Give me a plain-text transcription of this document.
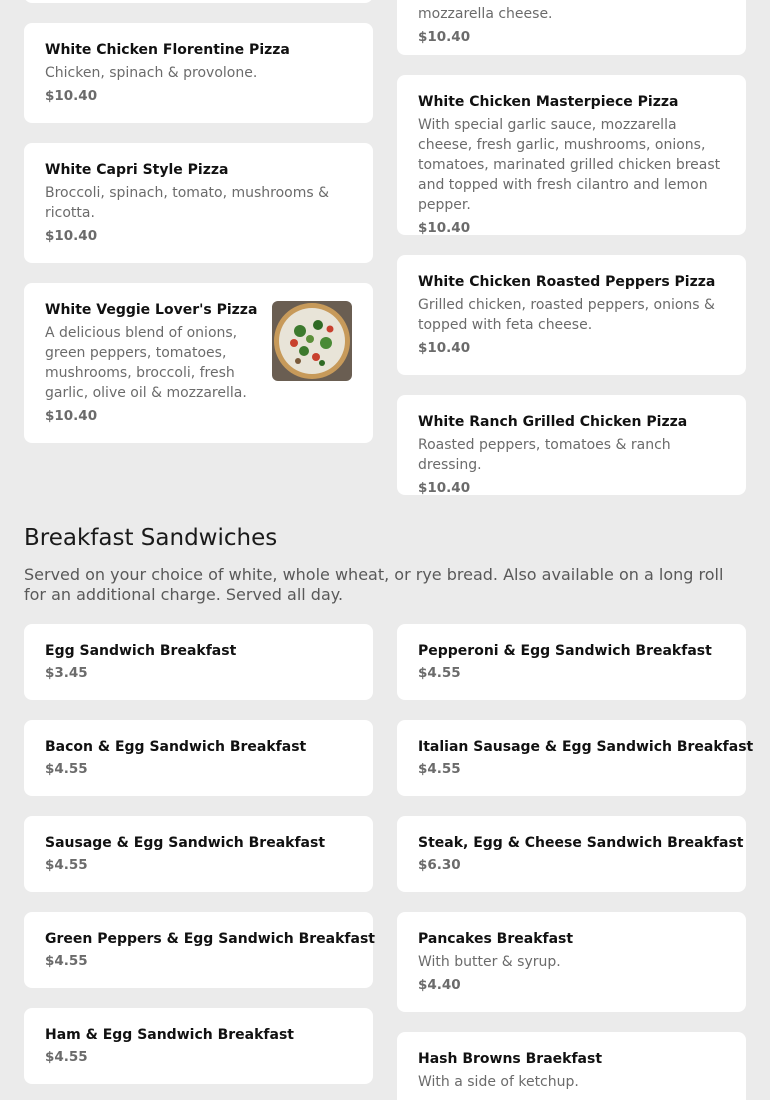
mozzarella cheese.
$10.40
White Chicken Florentine Pizza
Chicken, spinach & provolone.
$10.40
White Capri Style Pizza
Broccoli, spinach, tomato, mushrooms & ricotta.
$10.40
White Veggie Lover's Pizza
A delicious blend of onions, green peppers, tomatoes, mushrooms, broccoli, fresh garlic, olive oil & mozzarella.
$10.40
White Chicken Masterpiece Pizza
With special garlic sauce, mozzarella cheese, fresh garlic, mushrooms, onions, tomatoes, marinated grilled chicken breast and topped with fresh cilantro and lemon pepper.
$10.40
White Chicken Roasted Peppers Pizza
Grilled chicken, roasted peppers, onions & topped with feta cheese.
$10.40
White Ranch Grilled Chicken Pizza
Roasted peppers, tomatoes & ranch dressing.
$10.40
Breakfast Sandwiches

Served on your choice of white, whole wheat, or rye bread. Also available on a long roll for an additional charge. Served all day.

Egg Sandwich Breakfast
$3.45
Bacon & Egg Sandwich Breakfast
$4.55
Sausage & Egg Sandwich Breakfast
$4.55
Green Peppers & Egg Sandwich Breakfast
$4.55
Ham & Egg Sandwich Breakfast
$4.55
Pepperoni & Egg Sandwich Breakfast
$4.55
Italian Sausage & Egg Sandwich Breakfast
$4.55
Steak, Egg & Cheese Sandwich Breakfast
$6.30
Pancakes Breakfast
With butter & syrup.
$4.40
Hash Browns Braekfast
With a side of ketchup.
